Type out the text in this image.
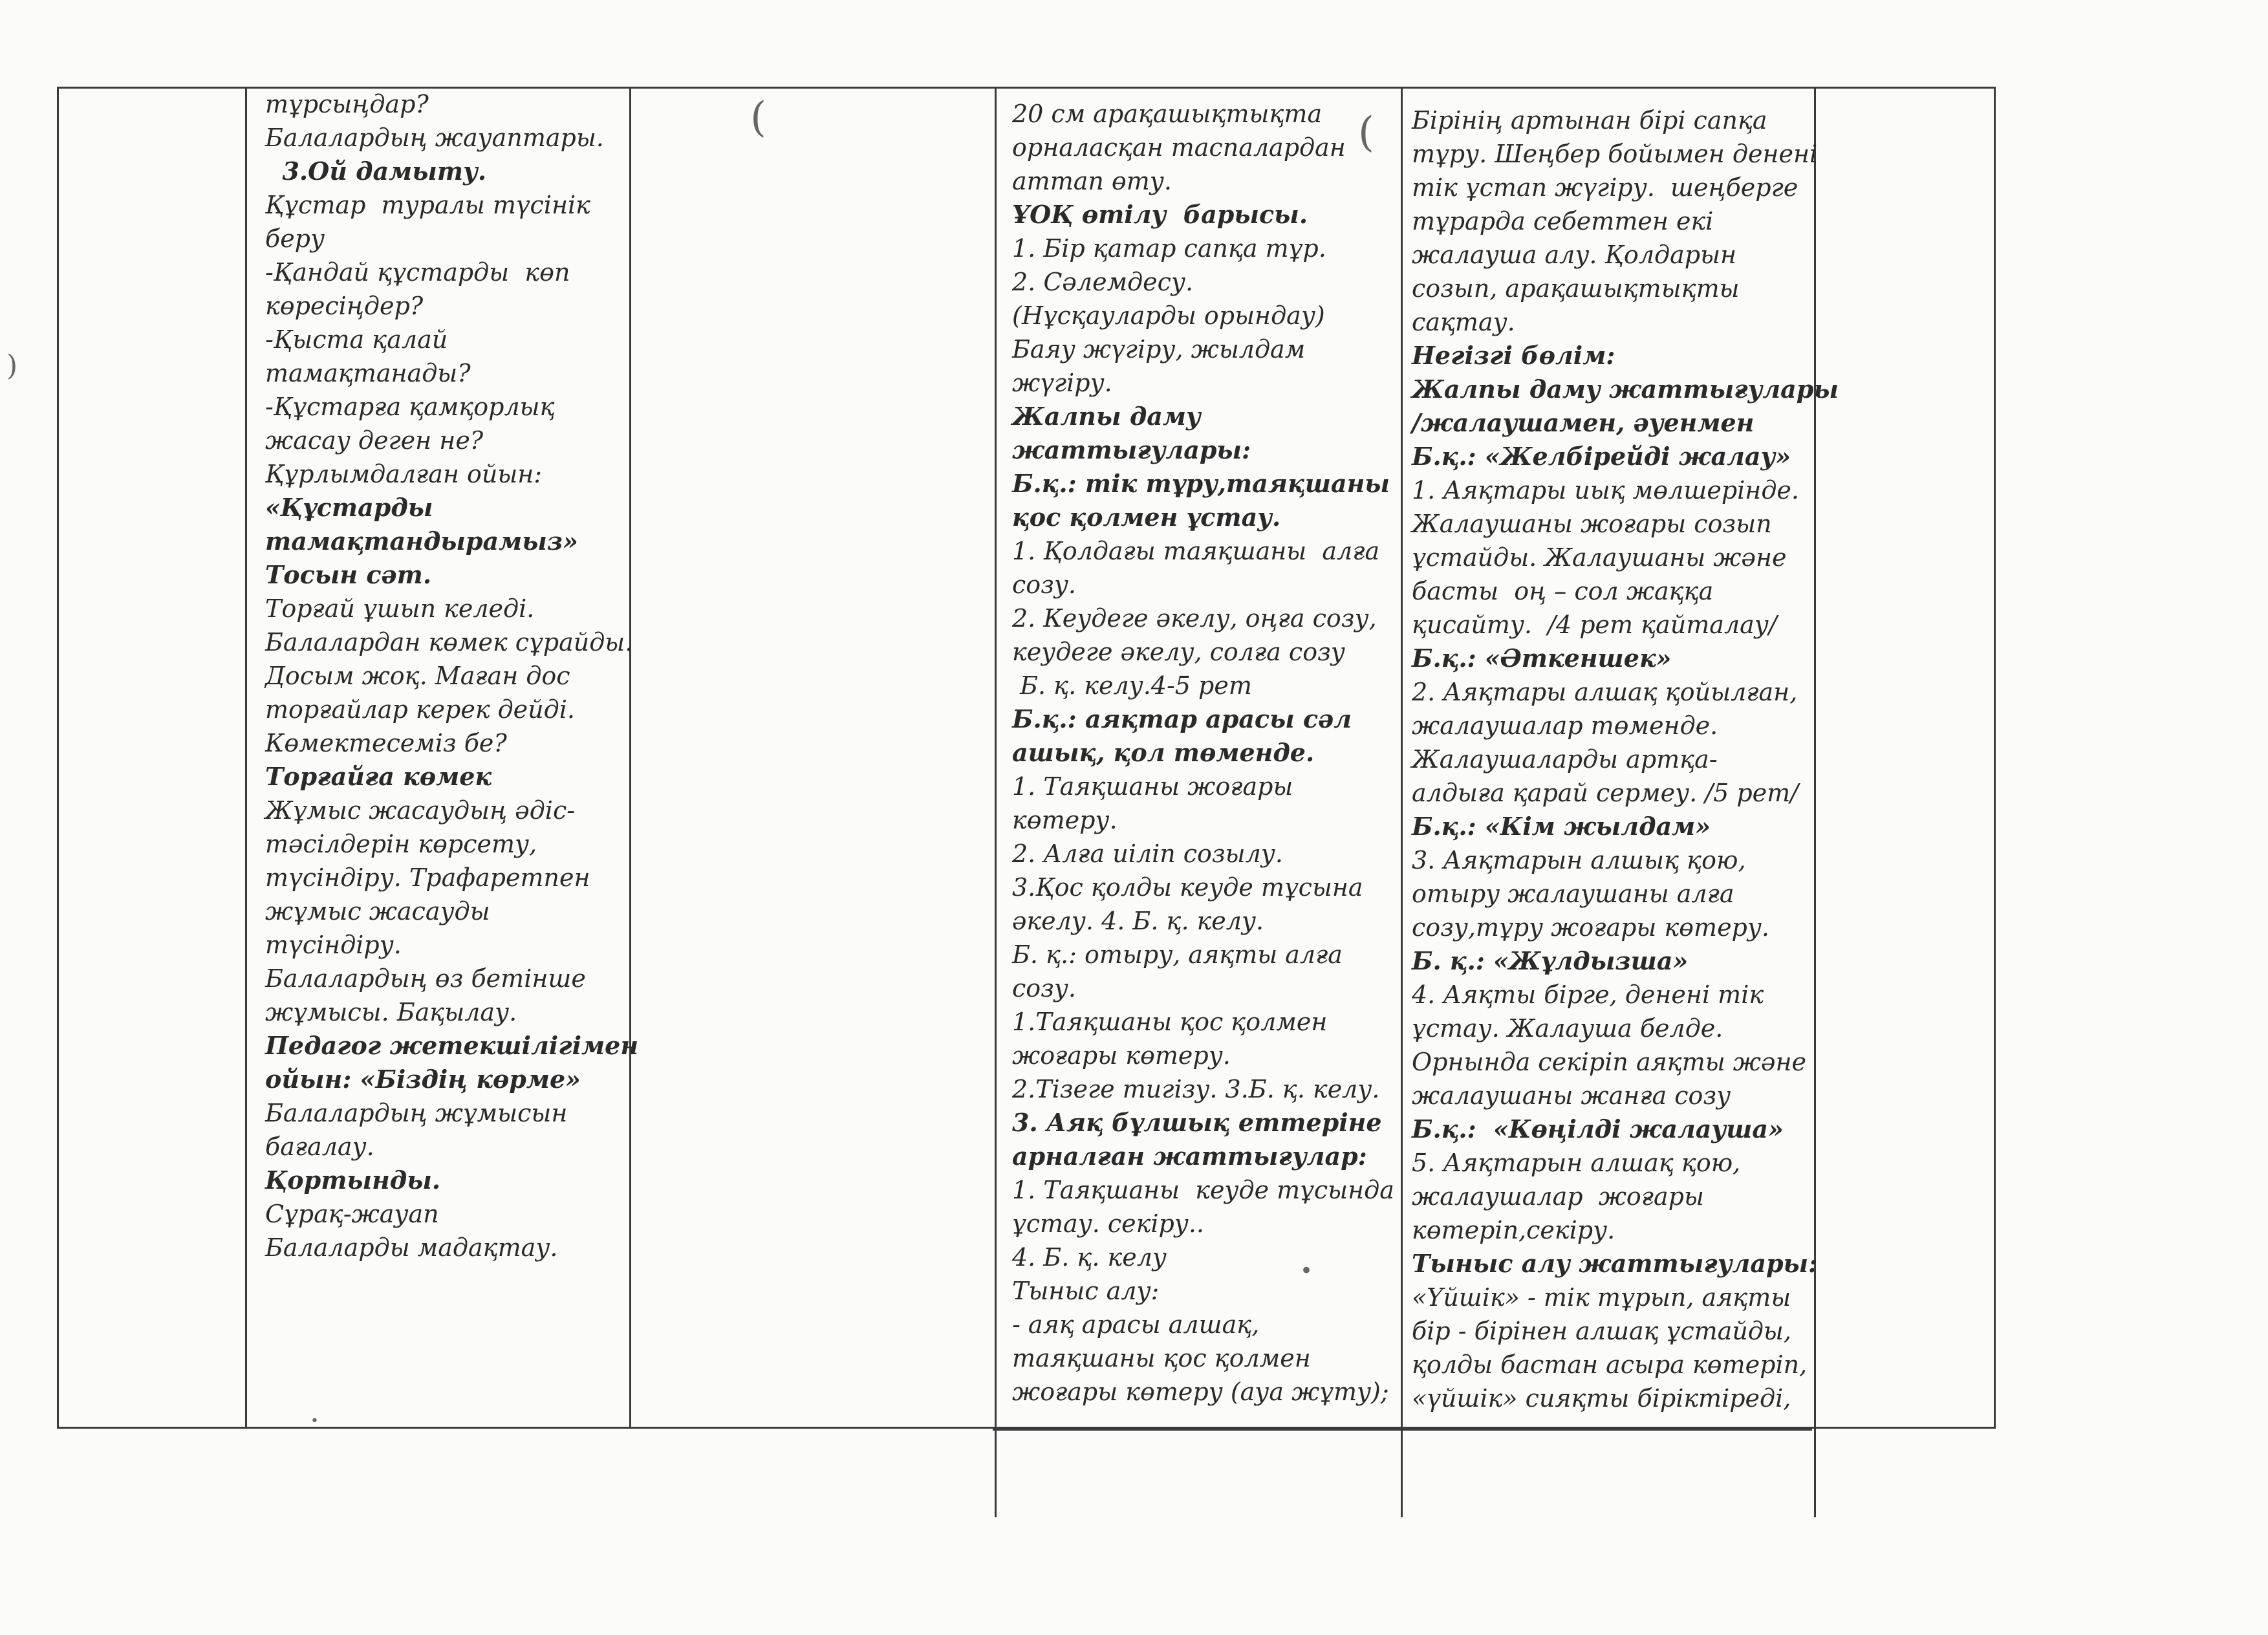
тұрсыңдар?
Балалардың жауаптары.
3.Ой дамыту.
Құстар  туралы түсінік
беру
-Қандай құстарды  көп
көресіңдер?
-Қыста қалай
тамақтанады?
-Құстарға қамқорлық
жасау деген не?
Құрлымдалған ойын:
«Құстарды
тамақтандырамыз»
Тосын сәт.
Торғай ұшып келеді.
Балалардан көмек сұрайды.
Досым жоқ. Маған дос
торғайлар керек дейді.
Көмектесеміз бе?
Торғайға көмек
Жұмыс жасаудың әдіс-
тәсілдерін көрсету,
түсіндіру. Трафаретпен
жұмыс жасауды
түсіндіру.
Балалардың өз бетінше
жұмысы. Бақылау.
Педагог жетекшілігімен
ойын: «Біздің көрме»
Балалардың жұмысын
бағалау.
Қортынды.
Сұрақ-жауап
Балаларды мадақтау.
20 см арақашықтықта
орналасқан таспалардан
аттап өту.
ҰОҚ өтілу  барысы.
1. Бір қатар сапқа тұр.
2. Сәлемдесу.
(Нұсқауларды орындау)
Баяу жүгіру, жылдам
жүгіру.
Жалпы даму
жаттығулары:
Б.қ.: тік тұру,таяқшаны
қос қолмен ұстау.
1. Қолдағы таяқшаны  алға
созу.
2. Кеудеге әкелу, оңға созу,
кеудеге әкелу, солға созу
Б. қ. келу.4-5 рет
Б.қ.: аяқтар арасы сәл
ашық, қол төменде.
1. Таяқшаны жоғары
көтеру.
2. Алға иіліп созылу.
3.Қос қолды кеуде тұсына
әкелу. 4. Б. қ. келу.
Б. қ.: отыру, аяқты алға
созу.
1.Таяқшаны қос қолмен
жоғары көтеру.
2.Тізеге тигізу. 3.Б. қ. келу.
3. Аяқ бұлшық еттеріне
арналған жаттығулар:
1. Таяқшаны  кеуде тұсында
ұстау. секіру..
4. Б. қ. келу
Тыныс алу:
- аяқ арасы алшақ,
таяқшаны қос қолмен
жоғары көтеру (ауа жұту);
Бірінің артынан бірі сапқа
тұру. Шеңбер бойымен денені
тік ұстап жүгіру.  шеңберге
тұрарда себеттен екі
жалауша алу. Қолдарын
созып, арақашықтықты
сақтау.
Негізгі бөлім:
Жалпы даму жаттығулары
/жалаушамен, әуенмен
Б.қ.: «Желбірейді жалау»
1. Аяқтары иық мөлшерінде.
Жалаушаны жоғары созып
ұстайды. Жалаушаны және
басты  оң – сол жаққа
қисайту.  /4 рет қайталау/
Б.қ.: «Әткеншек»
2. Аяқтары алшақ қойылған,
жалаушалар төменде.
Жалаушаларды артқа-
алдыға қарай сермеу. /5 рет/
Б.қ.: «Кім жылдам»
3. Аяқтарын алшық қою,
отыру жалаушаны алға
созу,тұру жоғары көтеру.
Б. қ.: «Жұлдызша»
4. Аяқты бірге, денені тік
ұстау. Жалауша белде.
Орнында секіріп аяқты және
жалаушаны жанға созу
Б.қ.:  «Көңілді жалауша»
5. Аяқтарын алшақ қою,
жалаушалар  жоғары
көтеріп,секіру.
Тыныс алу жаттығулары:
«Үйшік» - тік тұрып, аяқты
бір - бірінен алшақ ұстайды,
қолды бастан асыра көтеріп,
«үйшік» сияқты біріктіреді,
(	(
)
•
•
